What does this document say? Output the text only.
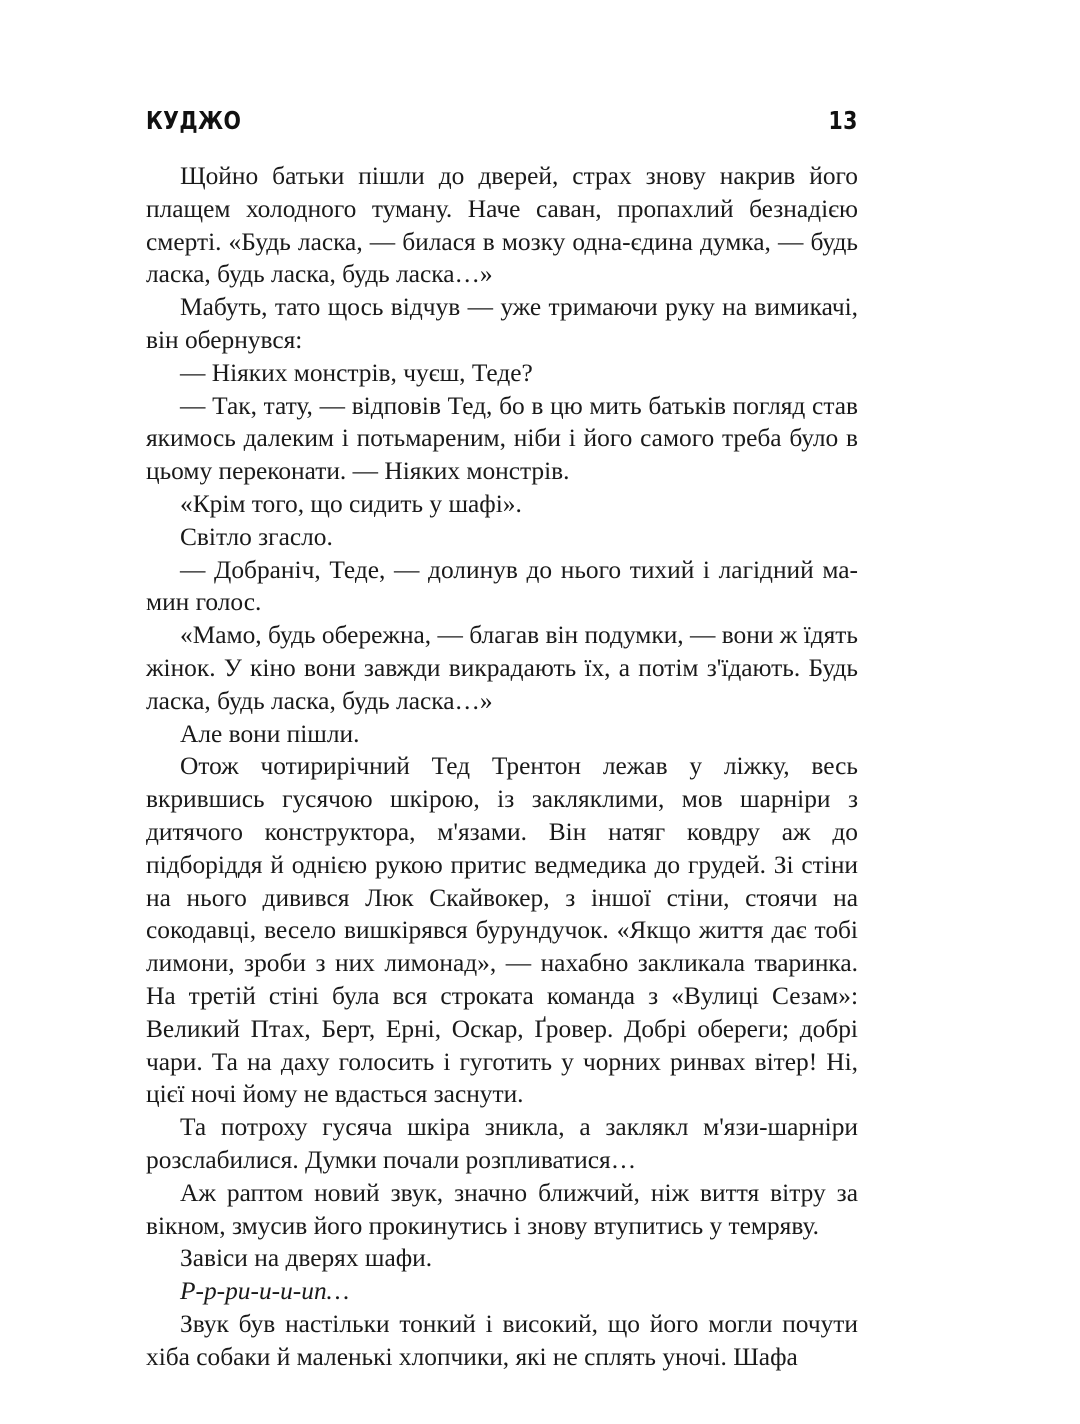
КУДЖО	13

Щойно батьки пішли до дверей, страх знову накрив його плащем холодного туману. Наче саван, пропахлий безнадією смерті. «Будь ласка, — билася в мозку одна-єдина думка, — будь ласка, будь ласка, будь ласка…»

Мабуть, тато щось відчув — уже тримаючи руку на вимикачі, він обернувся:

— Ніяких монстрів, чуєш, Теде?

— Так, тату, — відповів Тед, бо в цю мить батьків погляд став якимось далеким і потьмареним, ніби і його самого треба було в цьому переконати. — Ніяких монстрів.

«Крім того, що сидить у шафі».

Світло згасло.

— Добраніч, Теде, — долинув до нього тихий і лагідний мамин голос.

«Мамо, будь обережна, — благав він подумки, — вони ж їдять жінок. У кіно вони завжди викрадають їх, а потім з'їдають. Будь ласка, будь ласка, будь ласка…»

Але вони пішли.

Отож чотирирічний Тед Трентон лежав у ліжку, весь вкрившись гусячою шкірою, із закляклими, мов шарніри з дитячого конструктора, м'язами. Він натяг ковдру аж до підборіддя й однією рукою притис ведмедика до грудей. Зі стіни на нього дивився Люк Скайвокер, з іншої стіни, стоячи на сокодавці, весело вишкірявся бурундучок. «Якщо життя дає тобі лимони, зроби з них лимонад», — нахабно закликала тваринка. На третій стіні була вся строката команда з «Вулиці Сезам»: Великий Птах, Берт, Ерні, Оскар, Ґровер. Добрі обереги; добрі чари. Та на даху голосить і гуготить у чорних ринвах вітер! Ні, цієї ночі йому не вдасться заснути.

Та потроху гусяча шкіра зникла, а заклякл м'язи-шарніри розслабилися. Думки почали розпливатися…

Аж раптом новий звук, значно ближчий, ніж виття вітру за вікном, змусив його прокинутись і знову втупитись у темряву.

Завіси на дверях шафи.

Р-р-ри-и-и-ип…

Звук був настільки тонкий і високий, що його могли почути хіба собаки й маленькі хлопчики, які не сплять уночі. Шафа
